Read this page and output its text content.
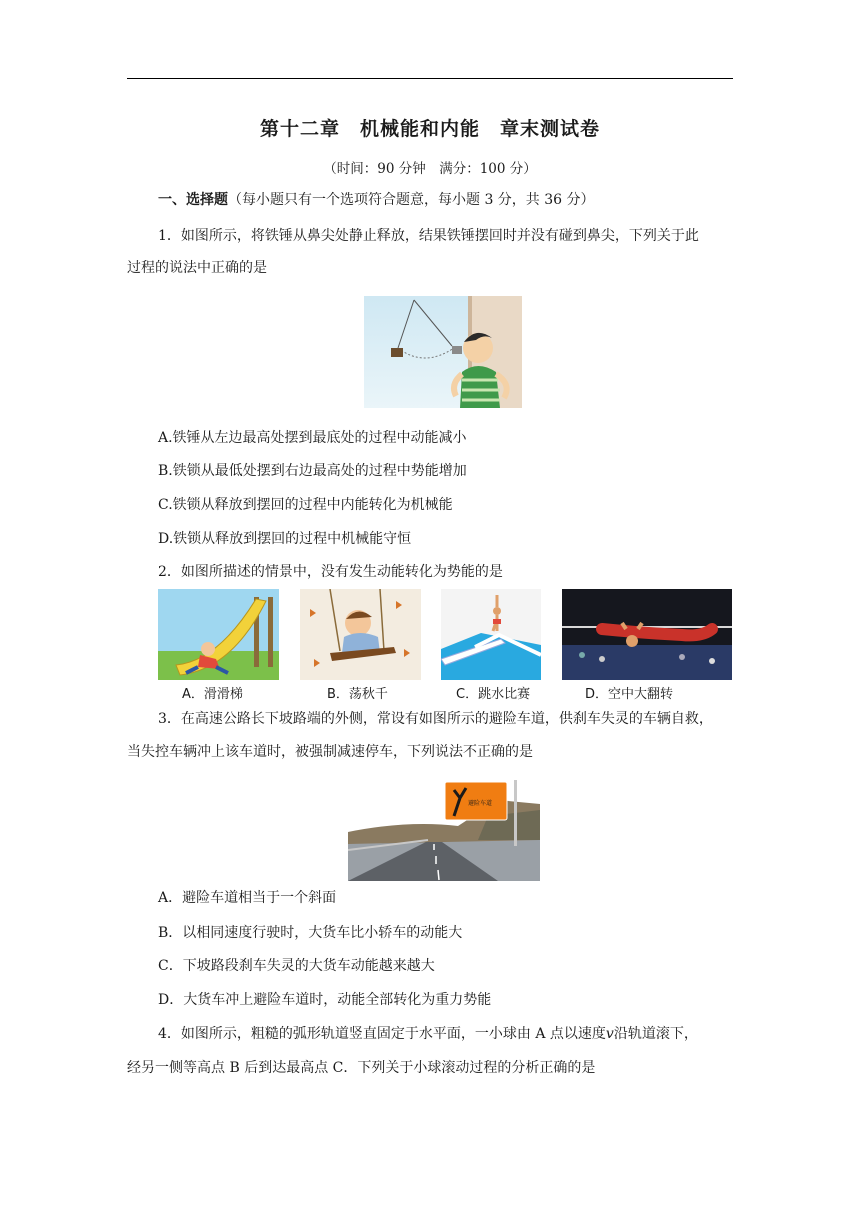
第十二章　机械能和内能　章末测试卷
（时间：90 分钟　满分：100 分）
一、选择题（每小题只有一个选项符合题意，每小题 3 分，共 36 分）
1．如图所示，将铁锤从鼻尖处静止释放，结果铁锤摆回时并没有碰到鼻尖，下列关于此
过程的说法中正确的是
A.铁锤从左边最高处摆到最底处的过程中动能减小
B.铁锁从最低处摆到右边最高处的过程中势能增加
C.铁锁从释放到摆回的过程中内能转化为机械能
D.铁锁从释放到摆回的过程中机械能守恒
2．如图所描述的情景中，没有发生动能转化为势能的是
A．滑滑梯	B．荡秋千	C．跳水比赛	D．空中大翻转
3．在高速公路长下坡路端的外侧，常设有如图所示的避险车道，供刹车失灵的车辆自救，
当失控车辆冲上该车道时，被强制减速停车，下列说法不正确的是
避险车道
A．避险车道相当于一个斜面
B．以相同速度行驶时，大货车比小轿车的动能大
C．下坡路段刹车失灵的大货车动能越来越大
D．大货车冲上避险车道时，动能全部转化为重力势能
4．如图所示，粗糙的弧形轨道竖直固定于水平面，一小球由 A 点以速度v沿轨道滚下，
经另一侧等高点 B 后到达最高点 C．下列关于小球滚动过程的分析正确的是
